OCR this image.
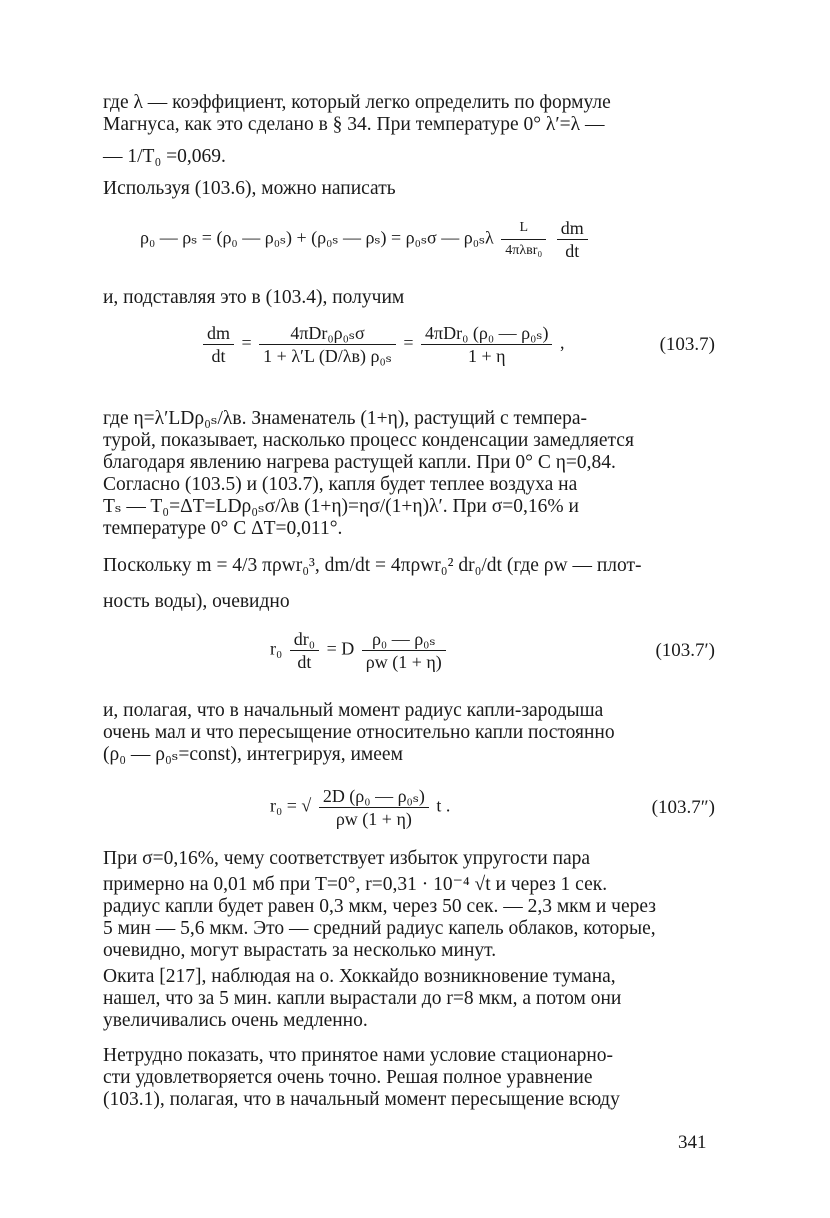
где λ — коэффициент, который легко определить по формуле
Магнуса, как это сделано в § 34. При температуре 0° λ′=λ —
— 1/T₀ =0,069.
Используя (103.6), можно написать
ρ₀ — ρₛ = (ρ₀ — ρ₀ₛ) + (ρ₀ₛ — ρₛ) = ρ₀ₛσ — $\rho_{0s}\lambda \frac{L}{\text{4πλвr₀}}$
$\frac{dm}{dt}$
и, подставляя это в (103.4), получим
$\frac{dm}{dt} = \frac{\text{4πDr₀ρ₀ₛσ}}{\text{1 + λ′L (D/λв) ρ₀ₛ}} = \frac{\text{4πDr₀ (ρ₀ — ρ₀ₛ)}}{1 + \eta}$ ,	(103.7)
где η=λ′LDρ₀ₛ/λв. Знаменатель (1+η), растущий с темпера-
турой, показывает, насколько процесс конденсации замедляется
благодаря явлению нагрева растущей капли. При 0° С η=0,84.
Согласно (103.5) и (103.7), капля будет теплее воздуха на
Tₛ — T₀=ΔT=LDρ₀ₛσ/λв (1+η)=ησ/(1+η)λ′. При σ=0,16% и
температуре 0° С ΔT=0,011°.
Поскольку m = 4/3 πρwr₀³, dm/dt = 4πρwr₀² dr₀/dt (где ρw — плот-
ность воды), очевидно
$r_0 \frac{\text{dr₀}}{dt} = D \frac{\text{ρ₀ — ρ₀ₛ}}{\rho w (1 + \eta)}$	(103.7′)
и, полагая, что в начальный момент радиус капли-зародыша
очень мал и что пересыщение относительно капли постоянно
(ρ₀ — ρ₀ₛ=const), интегрируя, имеем
r₀ = √ $\frac{\text{2D (ρ₀ — ρ₀ₛ)}}{\rho w (1 + \eta)}$ t .	(103.7″)
При σ=0,16%, чему соответствует избыток упругости пара
примерно на 0,01 мб при T=0°, r=0,31 · 10⁻⁴ √t и через 1 сек.
радиус капли будет равен 0,3 мкм, через 50 сек. — 2,3 мкм и через
5 мин — 5,6 мкм. Это — средний радиус капель облаков, которые,
очевидно, могут вырастать за несколько минут.
Окита [217], наблюдая на о. Хоккайдо возникновение тумана,
нашел, что за 5 мин. капли вырастали до r=8 мкм, а потом они
увеличивались очень медленно.
Нетрудно показать, что принятое нами условие стационарно-
сти удовлетворяется очень точно. Решая полное уравнение
(103.1), полагая, что в начальный момент пересыщение всюду
341
